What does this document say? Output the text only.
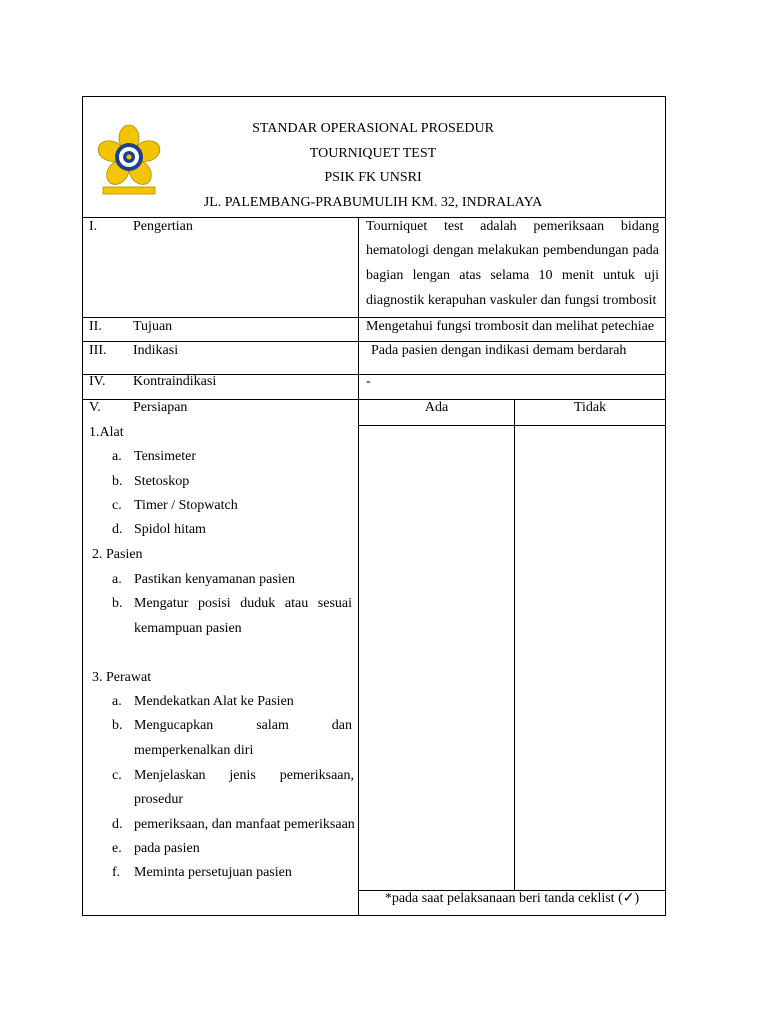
STANDAR OPERASIONAL PROSEDUR
TOURNIQUET TEST
PSIK FK UNSRI
JL. PALEMBANG-PRABUMULIH KM. 32, INDRALAYA
I.	Pengertian	Tourniquet test adalah pemeriksaan bidang
hematologi dengan melakukan pembendungan pada
bagian lengan atas selama 10 menit untuk uji
diagnostik kerapuhan vaskuler dan fungsi trombosit
II. Tujuan	Mengetahui fungsi trombosit dan melihat petechiae
III. Indikasi	Pada pasien dengan indikasi demam berdarah
IV. Kontraindikasi	-
V. Persiapan	Ada	Tidak
1.Alat
a. Tensimeter
b. Stetoskop
c. Timer / Stopwatch
d. Spidol hitam
2. Pasien
a. Pastikan kenyamanan pasien
b. Mengatur posisi duduk atau sesuai
kemampuan pasien
3. Perawat
a. Mendekatkan Alat ke Pasien
b. Mengucapkan salam dan
memperkenalkan diri
c. Menjelaskan jenis pemeriksaan,
prosedur
d. pemeriksaan, dan manfaat pemeriksaan
e. pada pasien
f. Meminta persetujuan pasien
*pada saat pelaksanaan beri tanda ceklist (✓)
